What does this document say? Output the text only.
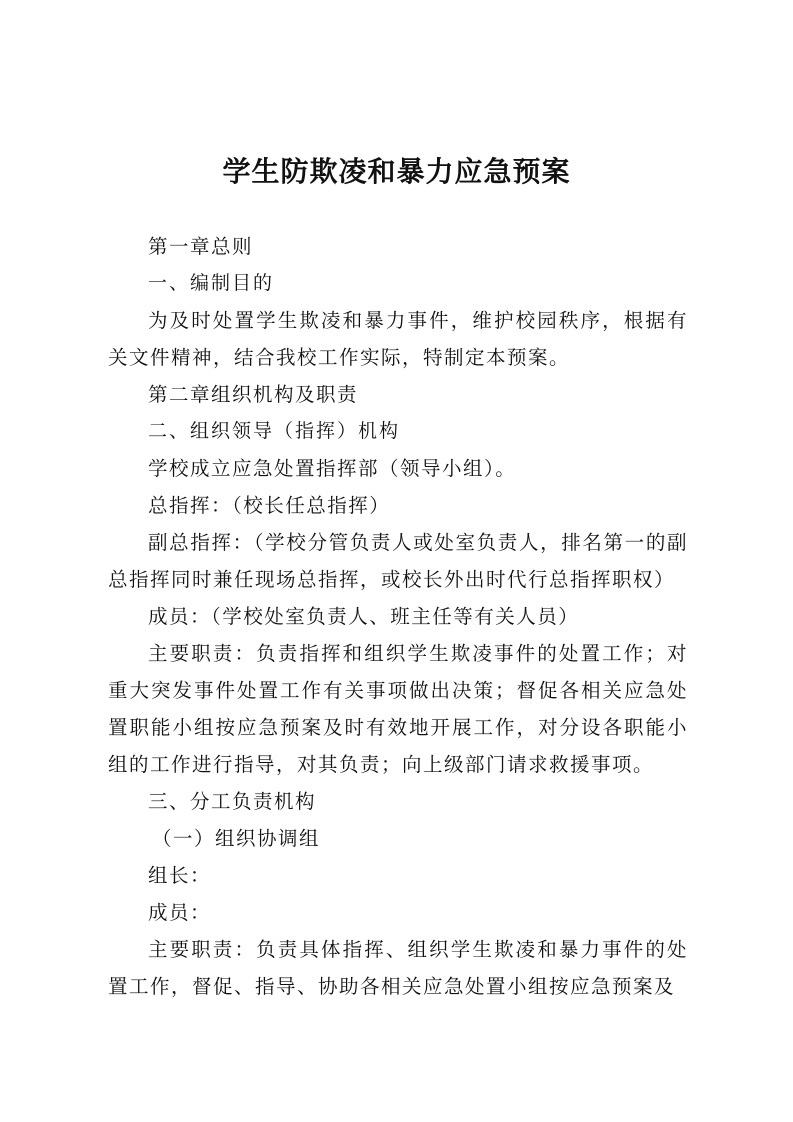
学生防欺凌和暴力应急预案

第一章总则

一、编制目的

为及时处置学生欺凌和暴力事件，维护校园秩序，根据有关文件精神，结合我校工作实际，特制定本预案。

第二章组织机构及职责

二、组织领导（指挥）机构

学校成立应急处置指挥部（领导小组）。

总指挥：（校长任总指挥）

副总指挥：（学校分管负责人或处室负责人，排名第一的副总指挥同时兼任现场总指挥，或校长外出时代行总指挥职权）

成员：（学校处室负责人、班主任等有关人员）

主要职责：负责指挥和组织学生欺凌事件的处置工作；对重大突发事件处置工作有关事项做出决策；督促各相关应急处置职能小组按应急预案及时有效地开展工作，对分设各职能小组的工作进行指导，对其负责；向上级部门请求救援事项。

三、分工负责机构

（一）组织协调组

组长：

成员：

主要职责：负责具体指挥、组织学生欺凌和暴力事件的处置工作，督促、指导、协助各相关应急处置小组按应急预案及
